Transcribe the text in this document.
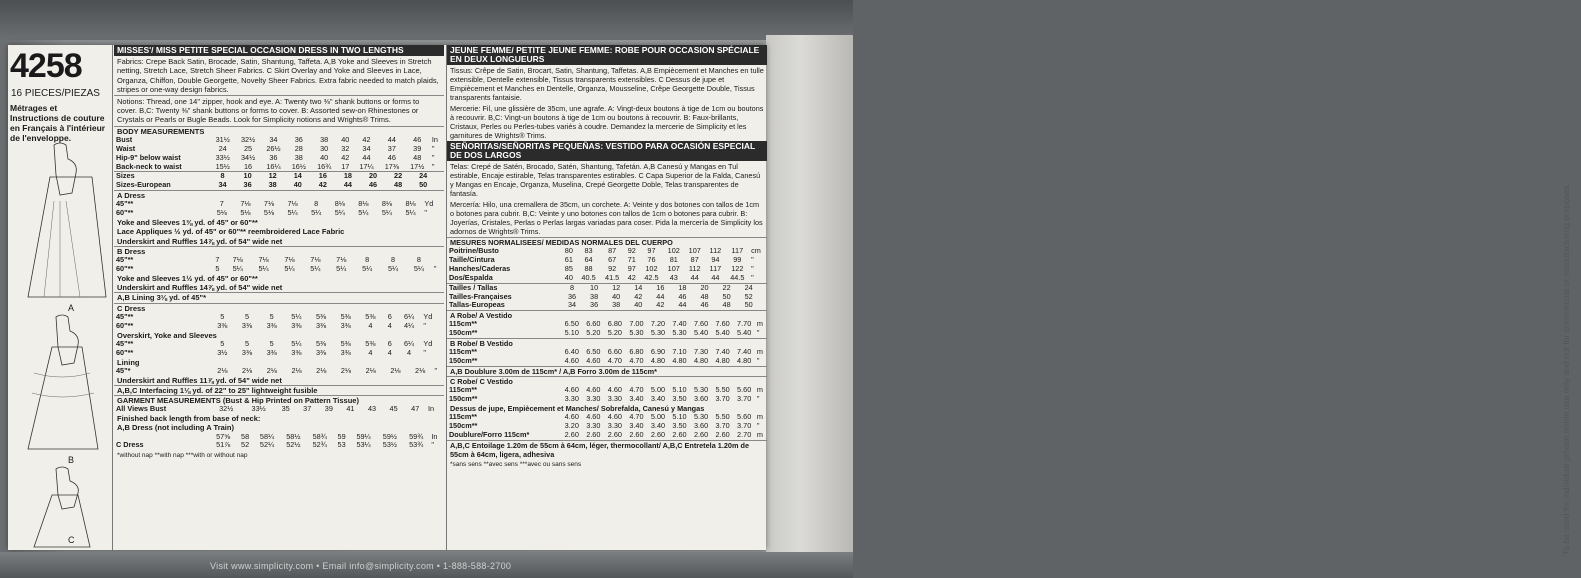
To be used for individual private home use only and not for commercial or manufacturing purposes.
4258
16 PIECES/PIEZAS
Métrages et Instructions de couture en Français à l'intérieur de l'enveloppe.
A
B
C
MISSES'/ MISS PETITE SPECIAL OCCASION DRESS IN TWO LENGTHS
Fabrics: Crepe Back Satin, Brocade, Satin, Shantung, Taffeta. A,B Yoke and Sleeves in Stretch netting, Stretch Lace, Stretch Sheer Fabrics. C Skirt Overlay and Yoke and Sleeves in Lace, Organza, Chiffon, Double Georgette, Novelty Sheer Fabrics. Extra fabric needed to match plaids, stripes or one-way design fabrics.
Notions: Thread, one 14" zipper, hook and eye. A: Twenty two ⅜" shank buttons or forms to cover. B,C: Twenty ⅜" shank buttons or forms to cover. B: Assorted sew-on Rhinestones or Crystals or Pearls or Bugle Beads. Look for Simplicity notions and Wrights® Trims.
BODY MEASUREMENTS
Bust	31½	32½	34	36	38	40	42	44	46	In
Waist	24	25	26½	28	30	32	34	37	39	"
Hip-9" below waist	33½	34½	36	38	40	42	44	46	48	"
Back-neck to waist	15½	16	16¼	16½	16¾	17	17¼	17⅜	17½	"
Sizes	8	10	12	14	16	18	20	22	24	
Sizes-European	34	36	38	40	42	44	46	48	50	
A Dress
45"**	7	7⅛	7⅛	7⅛	8	8⅛	8⅛	8⅛	8⅛	Yd
60"**	5⅛	5⅛	5⅛	5¼	5¼	5¼	5¼	5¼	5¼	"
Yoke and Sleeves 1⅜ yd. of 45" or 60"**
Lace Appliques ½ yd. of 45" or 60"** reembroidered Lace Fabric
Underskirt and Ruffles 14⅞ yd. of 54" wide net
B Dress
45"**	7	7⅛	7⅛	7⅛	7⅛	7⅛	8	8	8	
60"**	5	5¼	5¼	5¼	5¼	5¼	5¼	5¼	5¼	"
Yoke and Sleeves 1½ yd. of 45" or 60"**
Underskirt and Ruffles 14⅞ yd. of 54" wide net
A,B Lining 3⅛ yd. of 45"*
C Dress
45"**	5	5	5	5¼	5⅜	5⅜	5⅜	6	6¼	Yd
60"**	3⅜	3⅜	3⅜	3⅜	3⅜	3⅜	4	4	4¼	"
Overskirt, Yoke and Sleeves
45"**	5	5	5	5¼	5⅜	5⅜	5⅜	6	6¼	Yd
60"**	3½	3⅜	3⅜	3⅜	3⅜	3⅜	4	4	4	"
Lining
45"*	2⅛	2⅛	2⅛	2⅛	2⅛	2⅛	2⅛	2⅛	2⅛	"
Underskirt and Ruffles 11⅞ yd. of 54" wide net
A,B,C Interfacing 1⅛ yd. of 22" to 25" lightweight fusible
GARMENT MEASUREMENTS (Bust & Hip Printed on Pattern Tissue)
All Views Bust	32½	33½	35	37	39	41	43	45	47	In
Finished back length from base of neck:
A,B Dress (not including A Train)
	57⅝	58	58¼	58½	58¾	59	59¼	59½	59¾	In
C Dress	51⅞	52	52¼	52½	52¾	53	53¼	53½	53¾	"
*without nap **with nap ***with or without nap
JEUNE FEMME/ PETITE JEUNE FEMME: ROBE POUR OCCASION SPÉCIALE EN DEUX LONGUEURS
Tissus: Crêpe de Satin, Brocart, Satin, Shantung, Taffetas. A,B Empiècement et Manches en tulle extensible, Dentelle extensible, Tissus transparents extensibles. C Dessus de jupe et Empiècement et Manches en Dentelle, Organza, Mousseline, Crêpe Georgette Double, Tissus transparents fantaisie.
Mercerie: Fil, une glissière de 35cm, une agrafe. A: Vingt-deux boutons à tige de 1cm ou boutons à recouvrir. B,C: Vingt-un boutons à tige de 1cm ou boutons à recouvrir. B: Faux-brillants, Cristaux, Perles ou Perles-tubes variés à coudre. Demandez la mercerie de Simplicity et les garnitures de Wrights® Trims.
SEÑORITAS/SEÑORITAS PEQUEÑAS: VESTIDO PARA OCASIÓN ESPECIAL DE DOS LARGOS
Telas: Crepé de Satén, Brocado, Satén, Shantung, Tafetán. A,B Canesú y Mangas en Tul estirable, Encaje estirable, Telas transparentes estirables. C Capa Superior de la Falda, Canesú y Mangas en Encaje, Organza, Muselina, Crepé Georgette Doble, Telas transparentes de fantasía.
Mercería: Hilo, una cremallera de 35cm, un corchete. A: Veinte y dos botones con tallos de 1cm o botones para cubrir. B,C: Veinte y uno botones con tallos de 1cm o botones para cubrir. B: Joyerías, Cristales, Perlas o Perlas largas variadas para coser. Pida la mercería de Simplicity los adornos de Wrights® Trims.
MESURES NORMALISEES/ MEDIDAS NORMALES DEL CUERPO
Poitrine/Busto	80	83	87	92	97	102	107	112	117	cm
Taille/Cintura	61	64	67	71	76	81	87	94	99	"
Hanches/Caderas	85	88	92	97	102	107	112	117	122	"
Dos/Espalda	40	40.5	41.5	42	42.5	43	44	44	44.5	"
Tailles / Tallas	8	10	12	14	16	18	20	22	24	
Tailles-Françaises	36	38	40	42	44	46	48	50	52	
Tallas-Europeas	34	36	38	40	42	44	46	48	50	
A Robe/ A Vestido
115cm**	6.50	6.60	6.80	7.00	7.20	7.40	7.60	7.60	7.70	m
150cm**	5.10	5.20	5.20	5.30	5.30	5.30	5.40	5.40	5.40	"
B Robe/ B Vestido
115cm**	6.40	6.50	6.60	6.80	6.90	7.10	7.30	7.40	7.40	m
150cm**	4.60	4.60	4.70	4.70	4.80	4.80	4.80	4.80	4.80	"
A,B Doublure 3.00m de 115cm* / A,B Forro 3.00m de 115cm*
C Robe/ C Vestido
115cm**	4.60	4.60	4.60	4.70	5.00	5.10	5.30	5.50	5.60	m
150cm**	3.30	3.30	3.30	3.40	3.40	3.50	3.60	3.70	3.70	"
Dessus de jupe, Empiècement et Manches/ Sobrefalda, Canesú y Mangas
115cm**	4.60	4.60	4.60	4.70	5.00	5.10	5.30	5.50	5.60	m
150cm**	3.20	3.30	3.30	3.40	3.40	3.50	3.60	3.70	3.70	"
Doublure/Forro 115cm*	2.60	2.60	2.60	2.60	2.60	2.60	2.60	2.60	2.70	m
A,B,C Entoilage 1.20m de 55cm à 64cm, léger, thermocollant/ A,B,C Entretela 1.20m de 55cm à 64cm, ligera, adhesiva
*sans sens **avec sens ***avec ou sans sens
Visit www.simplicity.com • Email info@simplicity.com • 1-888-588-2700
